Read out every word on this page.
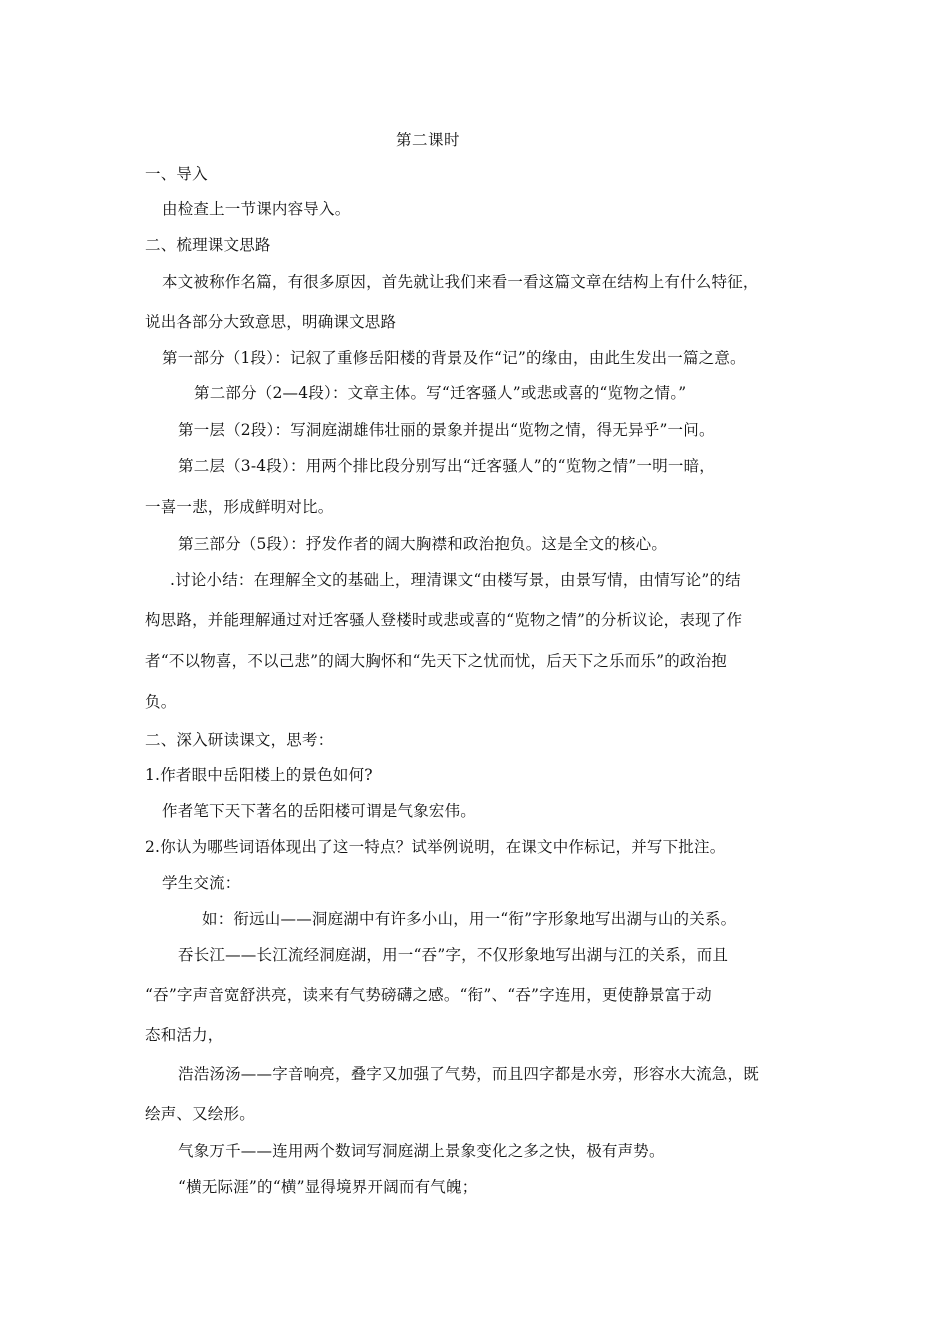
第二课时
一、导入
由检查上一节课内容导入。
二、梳理课文思路
本文被称作名篇，有很多原因，首先就让我们来看一看这篇文章在结构上有什么特征，
说出各部分大致意思，明确课文思路
第一部分（1段）：记叙了重修岳阳楼的背景及作“记”的缘由，由此生发出一篇之意。
第二部分（2—4段）：文章主体。写“迁客骚人”或悲或喜的“览物之情。”
第一层（2段）：写洞庭湖雄伟壮丽的景象并提出“览物之情，得无异乎”一问。
第二层（3-4段）：用两个排比段分别写出“迁客骚人”的“览物之情”一明一暗，
一喜一悲，形成鲜明对比。
第三部分（5段）：抒发作者的阔大胸襟和政治抱负。这是全文的核心。
.讨论小结：在理解全文的基础上，理清课文“由楼写景，由景写情，由情写论”的结
构思路，并能理解通过对迁客骚人登楼时或悲或喜的“览物之情”的分析议论，表现了作
者“不以物喜，不以己悲”的阔大胸怀和“先天下之忧而忧，后天下之乐而乐”的政治抱
负。
二、深入研读课文，思考：
1.作者眼中岳阳楼上的景色如何?
作者笔下天下著名的岳阳楼可谓是气象宏伟。
2.你认为哪些词语体现出了这一特点？试举例说明，在课文中作标记，并写下批注。
学生交流：
如：衔远山——洞庭湖中有许多小山，用一“衔”字形象地写出湖与山的关系。
吞长江——长江流经洞庭湖，用一“吞”字，不仅形象地写出湖与江的关系，而且
“吞”字声音宽舒洪亮，读来有气势磅礴之感。“衔”、“吞”字连用，更使静景富于动
态和活力，
浩浩汤汤——字音响亮，叠字又加强了气势，而且四字都是水旁，形容水大流急，既
绘声、又绘形。
气象万千——连用两个数词写洞庭湖上景象变化之多之快，极有声势。
“横无际涯”的“横”显得境界开阔而有气魄；
